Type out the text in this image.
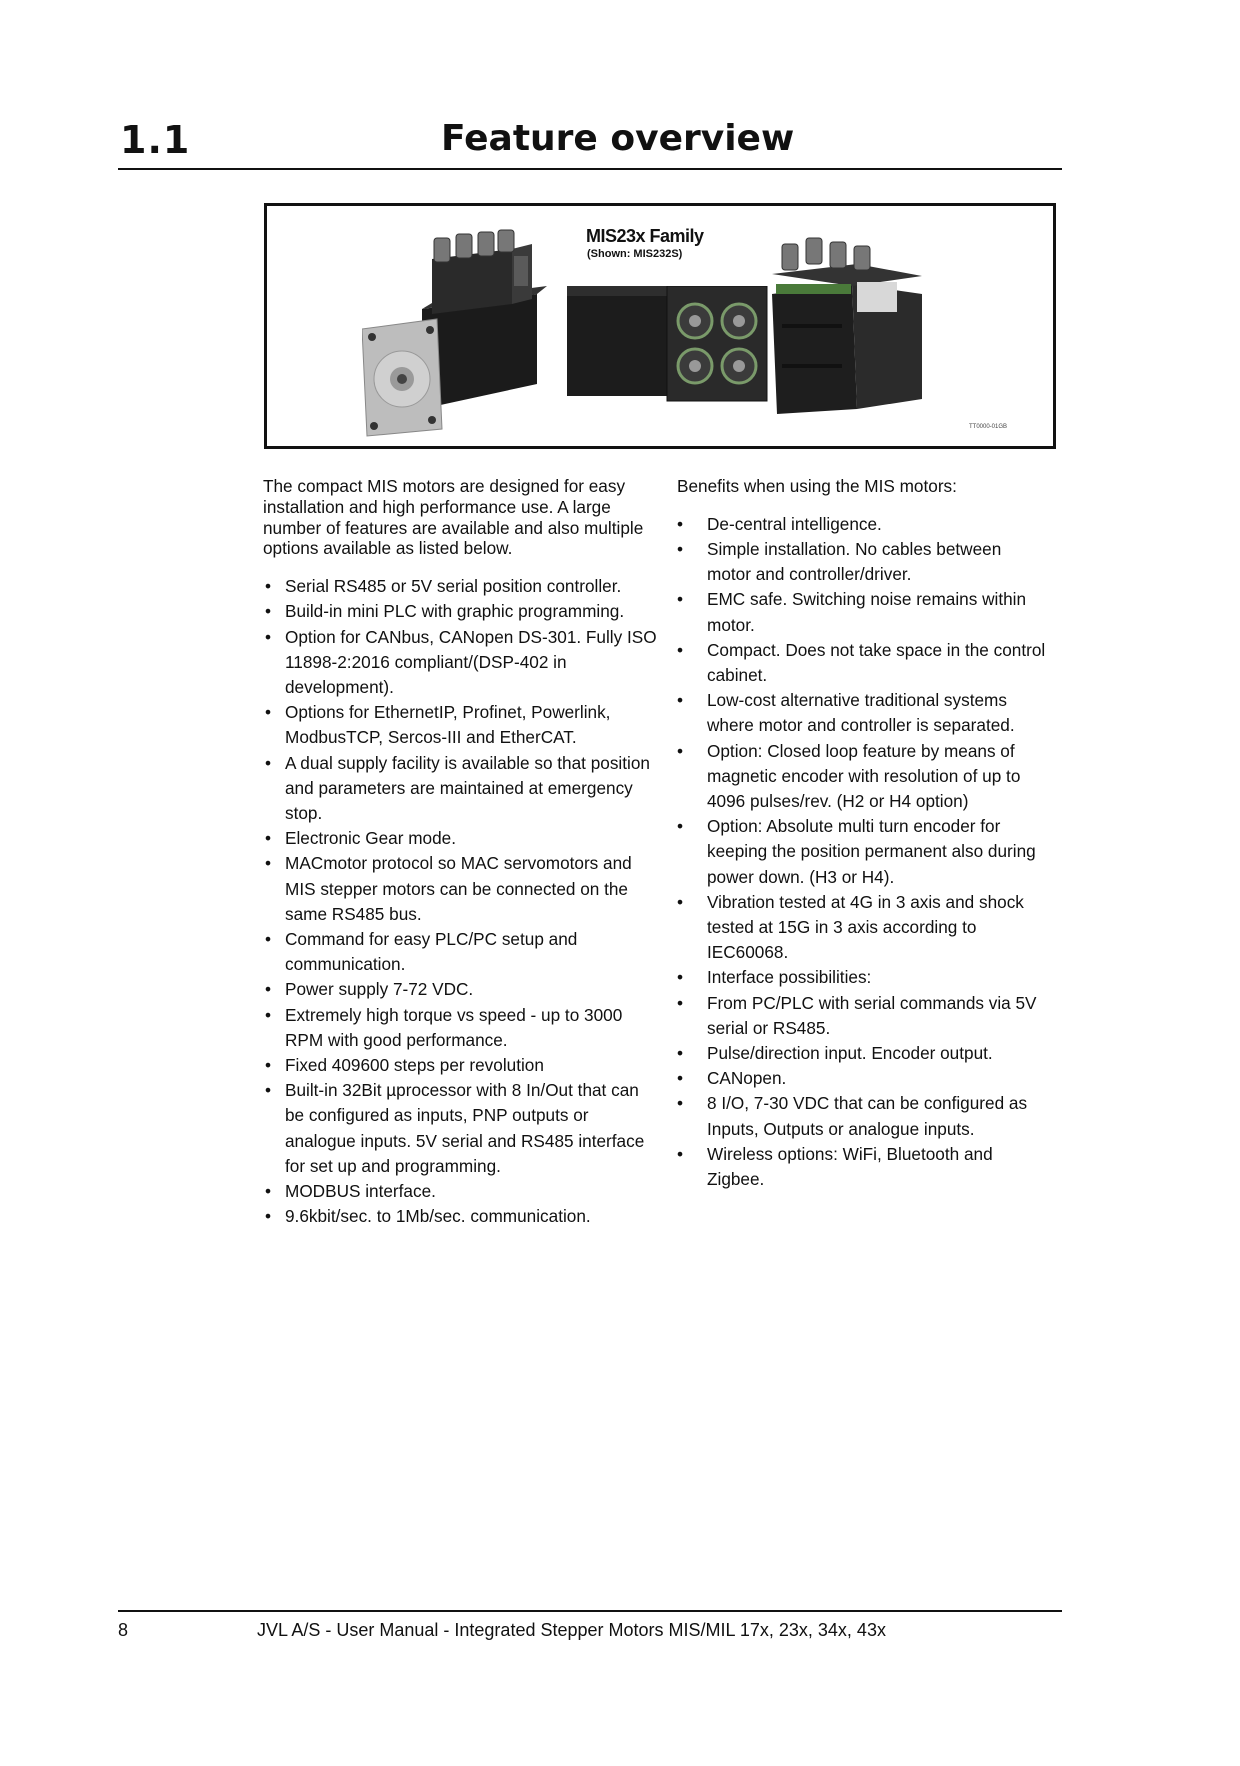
1.1	Feature overview
MIS23x Family
(Shown: MIS232S)
TT0000-01GB

The compact MIS motors are designed for easy installation and high performance use. A large number of features are available and also multiple options available as listed below.

• Serial RS485 or 5V serial position controller.
• Build-in mini PLC with graphic programming.
• Option for CANbus, CANopen DS-301. Fully ISO 11898-2:2016 compliant/(DSP-402 in development).
• Options for EthernetIP, Profinet, Powerlink, ModbusTCP, Sercos-III and EtherCAT.
• A dual supply facility is available so that position and parameters are maintained at emergency stop.
• Electronic Gear mode.
• MACmotor protocol so MAC servomotors and MIS stepper motors can be connected on the same RS485 bus.
• Command for easy PLC/PC setup and communication.
• Power supply 7-72 VDC.
• Extremely high torque vs speed - up to 3000 RPM with good performance.
• Fixed 409600 steps per revolution
• Built-in 32Bit µprocessor with 8 In/Out that can be configured as inputs, PNP outputs or analogue inputs. 5V serial and RS485 interface for set up and programming.
• MODBUS interface.
• 9.6kbit/sec. to 1Mb/sec. communication.

Benefits when using the MIS motors:

• De-central intelligence.
• Simple installation. No cables between motor and controller/driver.
• EMC safe. Switching noise remains within motor.
• Compact. Does not take space in the control cabinet.
• Low-cost alternative traditional systems where motor and controller is separated.
• Option: Closed loop feature by means of magnetic encoder with resolution of up to 4096 pulses/rev. (H2 or H4 option)
• Option: Absolute multi turn encoder for keeping the position permanent also during power down. (H3 or H4).
• Vibration tested at 4G in 3 axis and shock tested at 15G in 3 axis according to IEC60068.
• Interface possibilities:
• From PC/PLC with serial commands via 5V serial or RS485.
• Pulse/direction input. Encoder output.
• CANopen.
• 8 I/O, 7-30 VDC that can be configured as Inputs, Outputs or analogue inputs.
• Wireless options: WiFi, Bluetooth and Zigbee.
8	JVL A/S - User Manual - Integrated Stepper Motors MIS/MIL 17x, 23x, 34x, 43x
